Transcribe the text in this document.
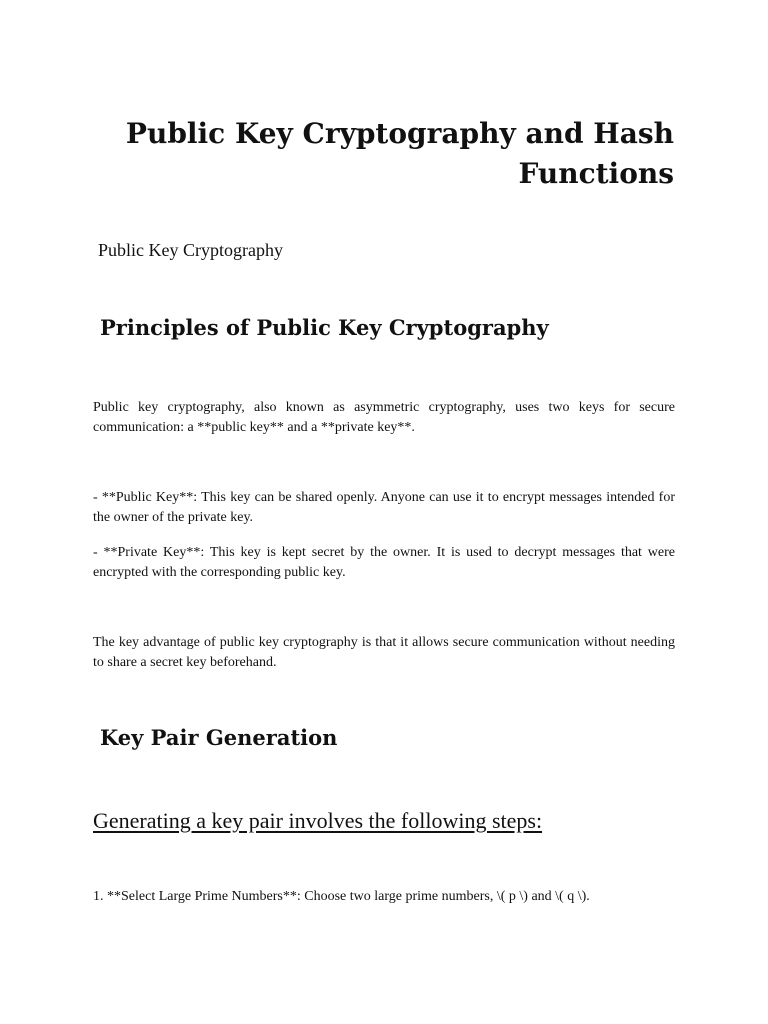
Public Key Cryptography and Hash Functions
Public Key Cryptography
Principles of Public Key Cryptography

Public key cryptography, also known as asymmetric cryptography, uses two keys for secure communication: a **public key** and a **private key**.

- **Public Key**: This key can be shared openly. Anyone can use it to encrypt messages intended for the owner of the private key.

- **Private Key**: This key is kept secret by the owner. It is used to decrypt messages that were encrypted with the corresponding public key.

The key advantage of public key cryptography is that it allows secure communication without needing to share a secret key beforehand.

Key Pair Generation
Generating a key pair involves the following steps:

1. **Select Large Prime Numbers**: Choose two large prime numbers, \( p \) and \( q \).
